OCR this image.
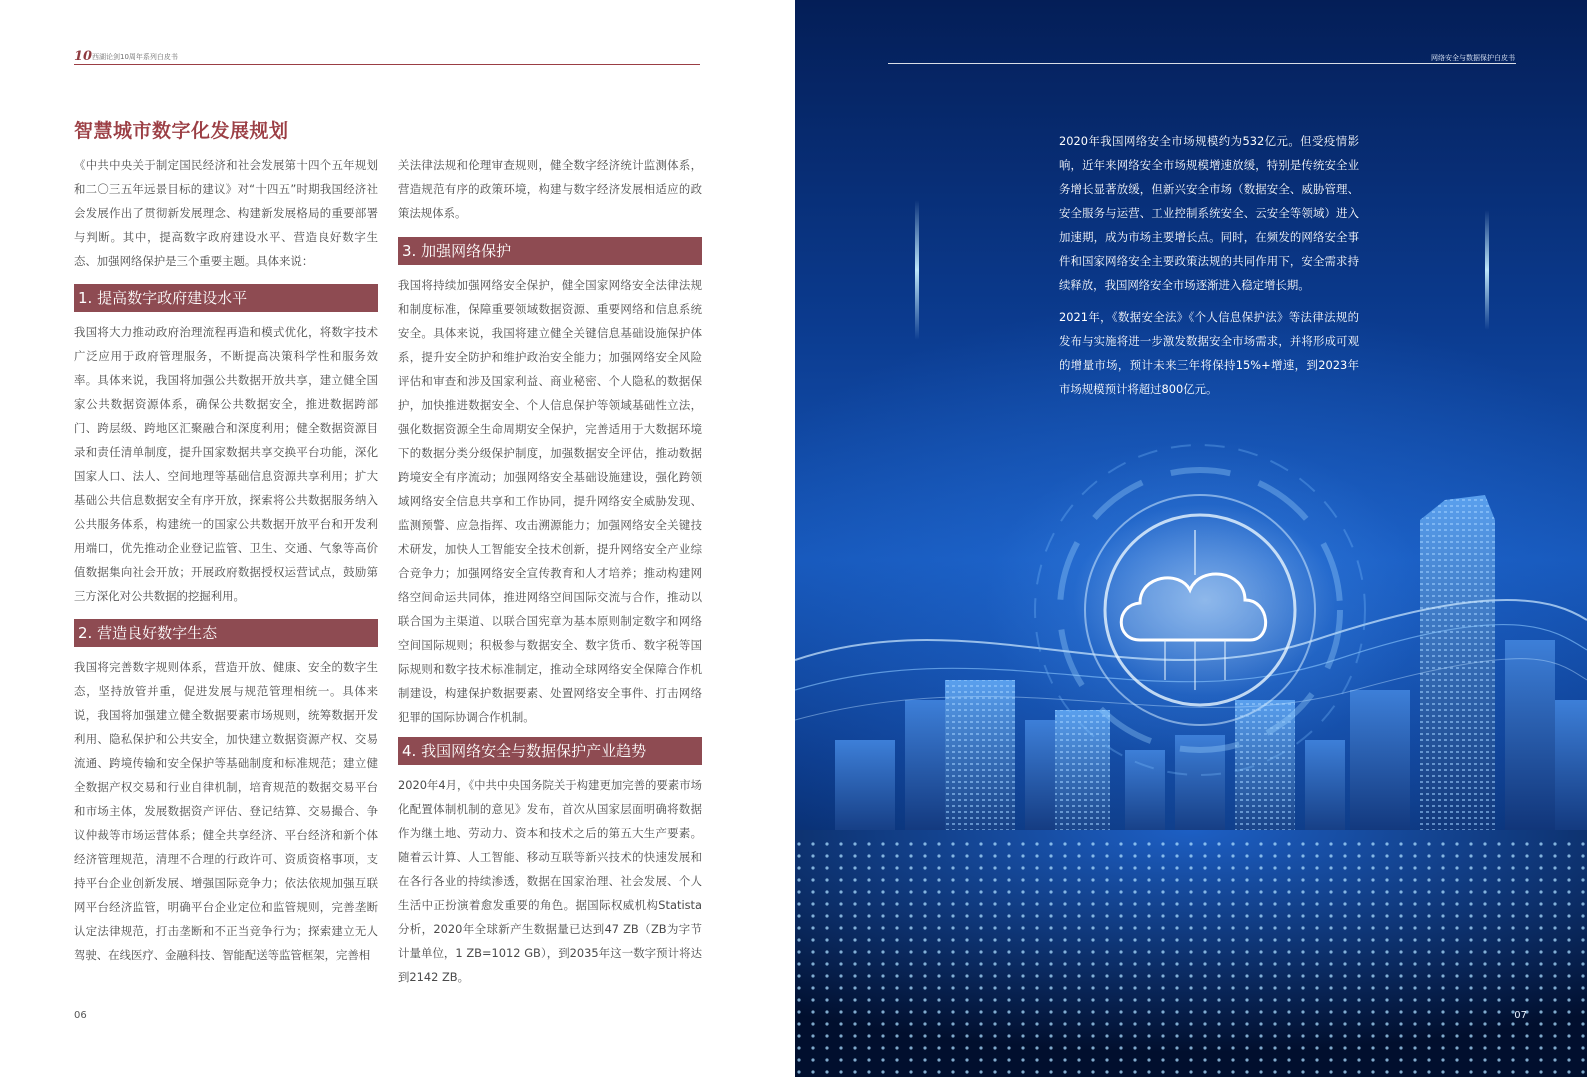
10 西湖论剑10周年系列白皮书
智慧城市数字化发展规划
《中共中央关于制定国民经济和社会发展第十四个五年规划和二〇三五年远景目标的建议》对“十四五”时期我国经济社会发展作出了贯彻新发展理念、构建新发展格局的重要部署与判断。其中，提高数字政府建设水平、营造良好数字生态、加强网络保护是三个重要主题。具体来说：
1. 提高数字政府建设水平
我国将大力推动政府治理流程再造和模式优化，将数字技术广泛应用于政府管理服务，不断提高决策科学性和服务效率。具体来说，我国将加强公共数据开放共享，建立健全国家公共数据资源体系，确保公共数据安全，推进数据跨部门、跨层级、跨地区汇聚融合和深度利用；健全数据资源目录和责任清单制度，提升国家数据共享交换平台功能，深化国家人口、法人、空间地理等基础信息资源共享利用；扩大基础公共信息数据安全有序开放，探索将公共数据服务纳入公共服务体系，构建统一的国家公共数据开放平台和开发利用端口，优先推动企业登记监管、卫生、交通、气象等高价值数据集向社会开放；开展政府数据授权运营试点，鼓励第三方深化对公共数据的挖掘利用。
2. 营造良好数字生态
我国将完善数字规则体系，营造开放、健康、安全的数字生态，坚持放管并重，促进发展与规范管理相统一。具体来说，我国将加强建立健全数据要素市场规则，统筹数据开发利用、隐私保护和公共安全，加快建立数据资源产权、交易流通、跨境传输和安全保护等基础制度和标准规范；建立健全数据产权交易和行业自律机制，培育规范的数据交易平台和市场主体，发展数据资产评估、登记结算、交易撮合、争议仲裁等市场运营体系；健全共享经济、平台经济和新个体经济管理规范，清理不合理的行政许可、资质资格事项，支持平台企业创新发展、增强国际竞争力；依法依规加强互联网平台经济监管，明确平台企业定位和监管规则，完善垄断认定法律规范，打击垄断和不正当竞争行为；探索建立无人驾驶、在线医疗、金融科技、智能配送等监管框架，完善相
关法律法规和伦理审查规则，健全数字经济统计监测体系，营造规范有序的政策环境，构建与数字经济发展相适应的政策法规体系。
3. 加强网络保护
我国将持续加强网络安全保护，健全国家网络安全法律法规和制度标准，保障重要领域数据资源、重要网络和信息系统安全。具体来说，我国将建立健全关键信息基础设施保护体系，提升安全防护和维护政治安全能力；加强网络安全风险评估和审查和涉及国家利益、商业秘密、个人隐私的数据保护，加快推进数据安全、个人信息保护等领域基础性立法，强化数据资源全生命周期安全保护，完善适用于大数据环境下的数据分类分级保护制度，加强数据安全评估，推动数据跨境安全有序流动；加强网络安全基础设施建设，强化跨领域网络安全信息共享和工作协同，提升网络安全威胁发现、监测预警、应急指挥、攻击溯源能力；加强网络安全关键技术研发，加快人工智能安全技术创新，提升网络安全产业综合竞争力；加强网络安全宣传教育和人才培养；推动构建网络空间命运共同体，推进网络空间国际交流与合作，推动以联合国为主渠道、以联合国宪章为基本原则制定数字和网络空间国际规则；积极参与数据安全、数字货币、数字税等国际规则和数字技术标准制定，推动全球网络安全保障合作机制建设，构建保护数据要素、处置网络安全事件、打击网络犯罪的国际协调合作机制。
4. 我国网络安全与数据保护产业趋势
2020年4月，《中共中央国务院关于构建更加完善的要素市场化配置体制机制的意见》发布，首次从国家层面明确将数据作为继土地、劳动力、资本和技术之后的第五大生产要素。随着云计算、人工智能、移动互联等新兴技术的快速发展和在各行各业的持续渗透，数据在国家治理、社会发展、个人生活中正扮演着愈发重要的角色。据国际权威机构Statista分析，2020年全球新产生数据量已达到47 ZB（ZB为字节计量单位，1 ZB=1012 GB），到2035年这一数字预计将达到2142 ZB。
06
网络安全与数据保护白皮书
2020年我国网络安全市场规模约为532亿元。但受疫情影响，近年来网络安全市场规模增速放缓，特别是传统安全业务增长显著放缓，但新兴安全市场（数据安全、威胁管理、安全服务与运营、工业控制系统安全、云安全等领域）进入加速期，成为市场主要增长点。同时，在频发的网络安全事件和国家网络安全主要政策法规的共同作用下，安全需求持续释放，我国网络安全市场逐渐进入稳定增长期。
2021年，《数据安全法》《个人信息保护法》等法律法规的发布与实施将进一步激发数据安全市场需求，并将形成可观的增量市场，预计未来三年将保持15%+增速，到2023年市场规模预计将超过800亿元。
07
